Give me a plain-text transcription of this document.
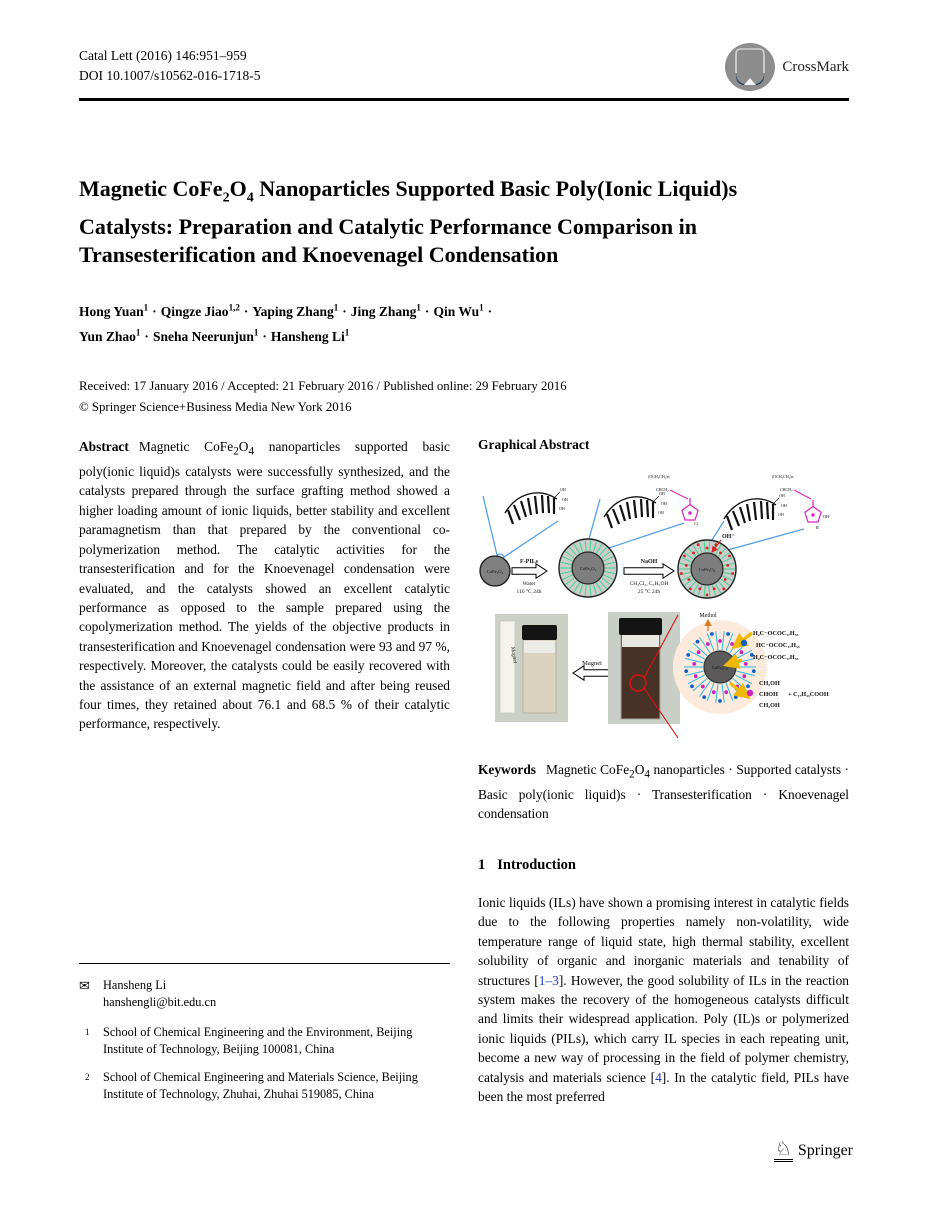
Catal Lett (2016) 146:951–959
DOI 10.1007/s10562-016-1718-5
CrossMark
Magnetic $CoFe_2O_4$ Nanoparticles Supported Basic Poly(Ionic Liquid)s Catalysts: Preparation and Catalytic Performance Comparison in Transesterification and Knoevenagel Condensation
Hong Yuan$^1$ · Qingze Jiao$^{1,2}$ · Yaping Zhang$^1$ · Jing Zhang$^1$ · Qin $Wu^1$ ·
Yun Zhao$^1$ · Sneha Neerunjun$^1$ · Hansheng Li$^1$
Received: 17 January 2016 / Accepted: 21 February 2016 / Published online: 29 February 2016
© Springer Science+Business Media New York 2016

Abstract Magnetic $CoFe_2O_4$ nanoparticles supported basic poly(ionic liquid)s catalysts were successfully synthesized, and the catalysts prepared through the surface grafting method showed a higher loading amount of ionic liquids, better stability and excellent paramagnetism than that prepared by the conventional co-polymerization method. The catalytic activities for the transesterification and for the Knoevenagel condensation were evaluated, and the catalysts showed an excellent catalytic performance as opposed to the sample prepared using the copolymerization method. The yields of the objective products in transesterification and Knoevenagel condensation were 93 and 97 %, respectively. Moreover, the catalysts could be easily recovered with the assistance of an external magnetic field and after being reused four times, they retained about 76.1 and 68.5 % of their catalytic performance, respectively.

✉ Hansheng Li
hanshengli@bit.edu.cn
1 School of Chemical Engineering and the Environment, Beijing Institute of Technology, Beijing 100081, China
2 School of Chemical Engineering and Materials Science, Beijing Institute of Technology, Zhuhai, Zhuhai 519085, China
Graphical Abstract
OH
(OCH₂CH₂)n
CHCH₂
(OCH₂CH₂)n
CHCH₂
Cl
OH⁻
R
CoFe₂O₄
F-PILs
Water
110 °C 24h
CoFe₂O₄
NaOH
CH₂Cl₂, C₂H₅OH
25 °C 24h
CoFe₂O₄
OH⁻
Magnet	Magnet
CoFe₂O₄
Methol
H₂C−OCOC₁₇H₃₃
HC−OCOC₁₇H₃₃
H₂C−OCOC₁₇H₃₃
CH₂OH
CHOH
CH₂OH
+ C₁₇H₃₃COOH

Keywords Magnetic $CoFe_2O_4$ nanoparticles · Supported catalysts · Basic poly(ionic liquid)s · Transesterification · Knoevenagel condensation

1 Introduction

Ionic liquids (ILs) have shown a promising interest in catalytic fields due to the following properties namely non-volatility, wide temperature range of liquid state, high thermal stability, excellent solubility of organic and inorganic materials and tenability of structures [1–3]. However, the good solubility of ILs in the reaction system makes the recovery of the homogeneous catalysts difficult and limits their widespread application. Poly (IL)s or polymerized ionic liquids (PILs), which carry IL species in each repeating unit, become a new way of processing in the field of polymer chemistry, catalysis and materials science [4]. In the catalytic field, PILs have been the most preferred

♘ Springer
